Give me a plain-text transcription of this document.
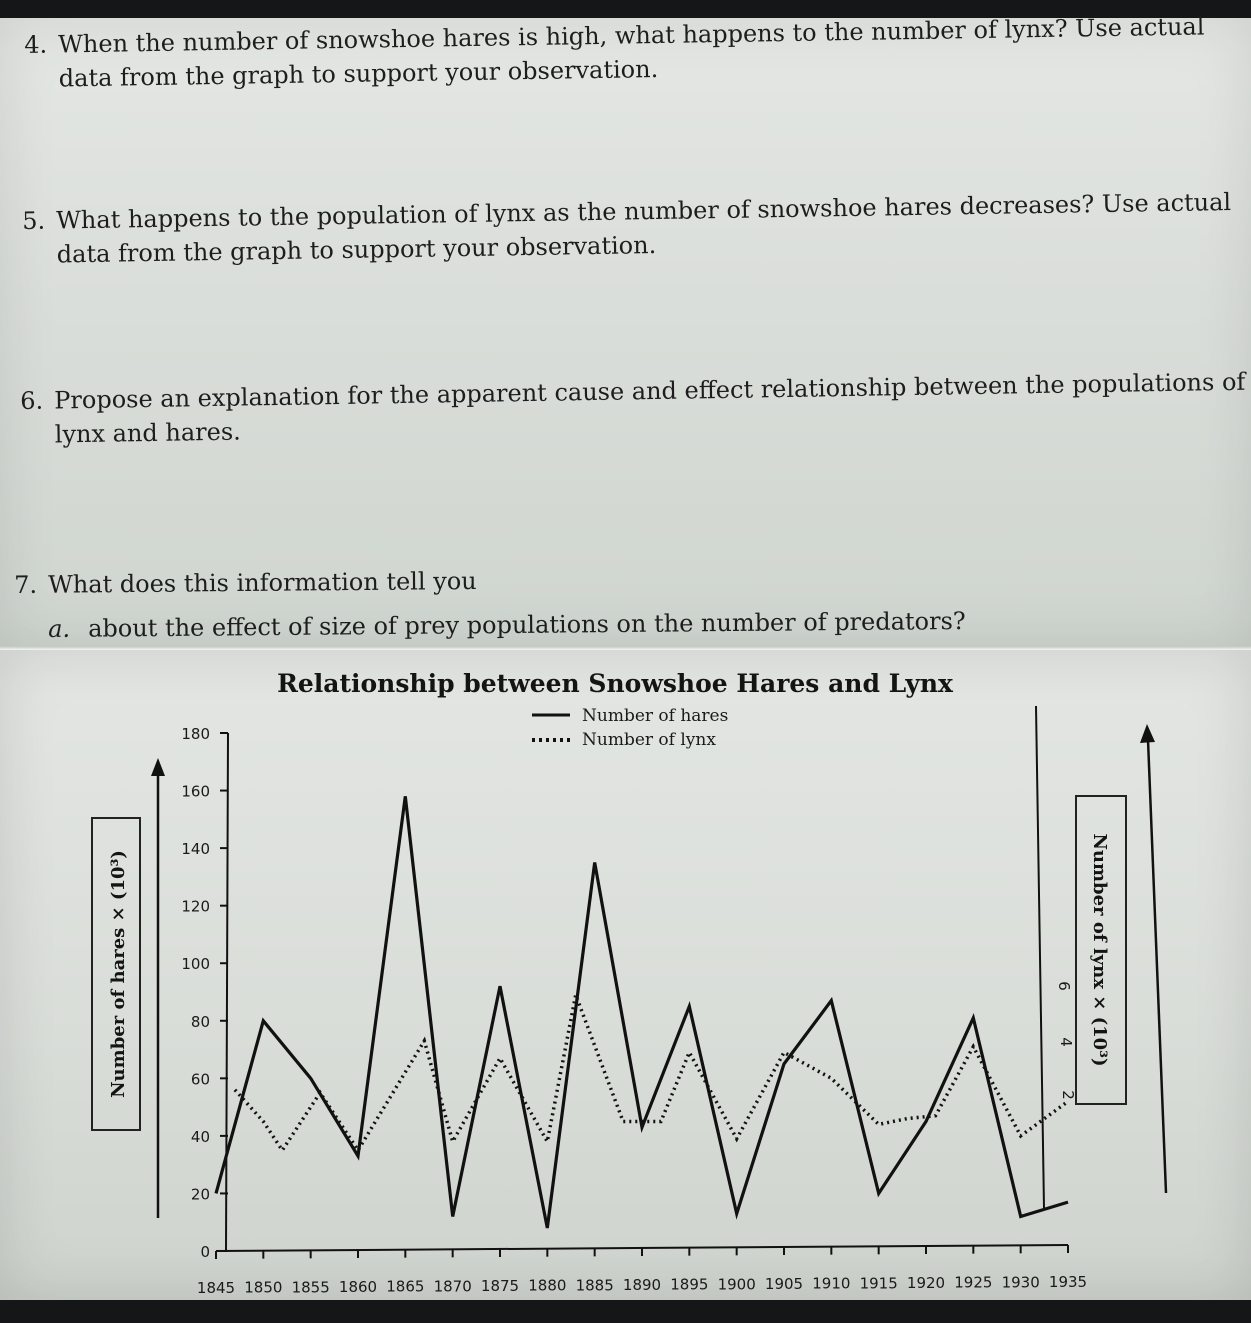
4. When the number of snowshoe hares is high, what happens to the number of lynx? Use actual
data from the graph to support your observation.
5. What happens to the population of lynx as the number of snowshoe hares decreases? Use actual
data from the graph to support your observation.
6. Propose an explanation for the apparent cause and effect relationship between the populations of
lynx and hares.
7. What does this information tell you
a. about the effect of size of prey populations on the number of predators?
Relationship between Snowshoe Hares and Lynx
Number of hares
Number of lynx
Number of hares × (10³)	Number of lynx × (10³)
0
20
40
60
80
100
120
140
160
180
1845 1850 1855 1860 1865 1870 1875 1880 1885 1890 1895 1900 1905 1910 1915 1920 1925 1930 1935
2
4
6
